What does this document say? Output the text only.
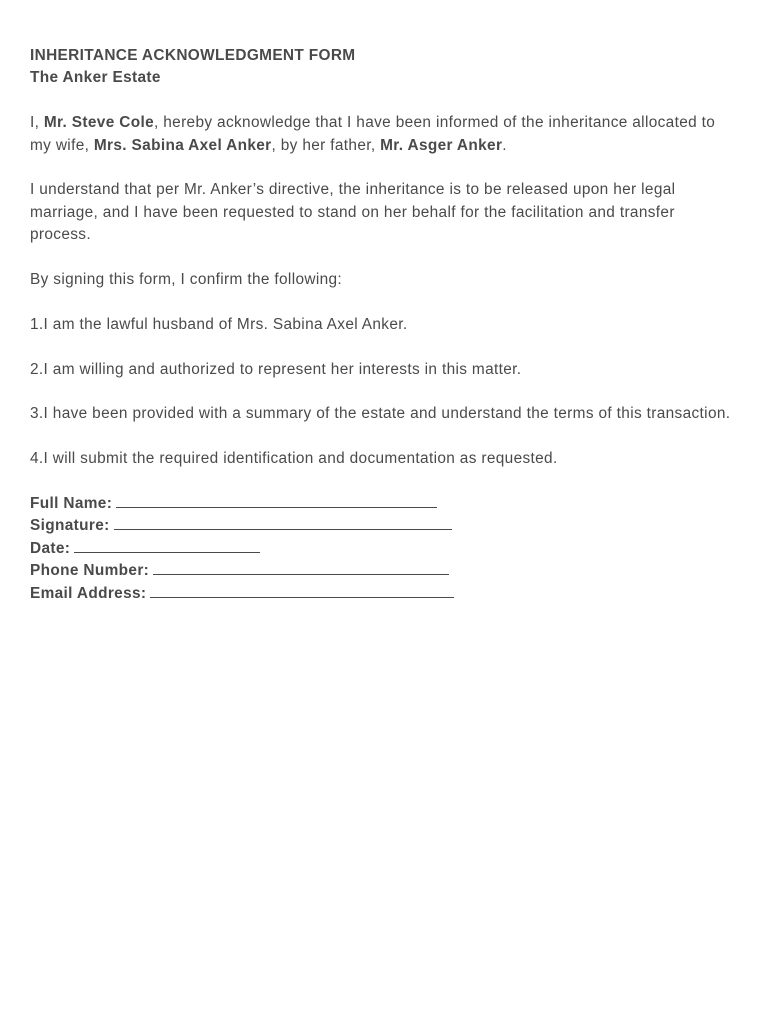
INHERITANCE ACKNOWLEDGMENT FORM

The Anker Estate

I, Mr. Steve Cole, hereby acknowledge that I have been informed of the inheritance allocated to my wife, Mrs. Sabina Axel Anker, by her father, Mr. Asger Anker.

I understand that per Mr. Anker’s directive, the inheritance is to be released upon her legal marriage, and I have been requested to stand on her behalf for the facilitation and transfer process.

By signing this form, I confirm the following:

1.I am the lawful husband of Mrs. Sabina Axel Anker.

2.I am willing and authorized to represent her interests in this matter.

3.I have been provided with a summary of the estate and understand the terms of this transaction.

4.I will submit the required identification and documentation as requested.

Full Name:

Signature:

Date:

Phone Number:

Email Address:
